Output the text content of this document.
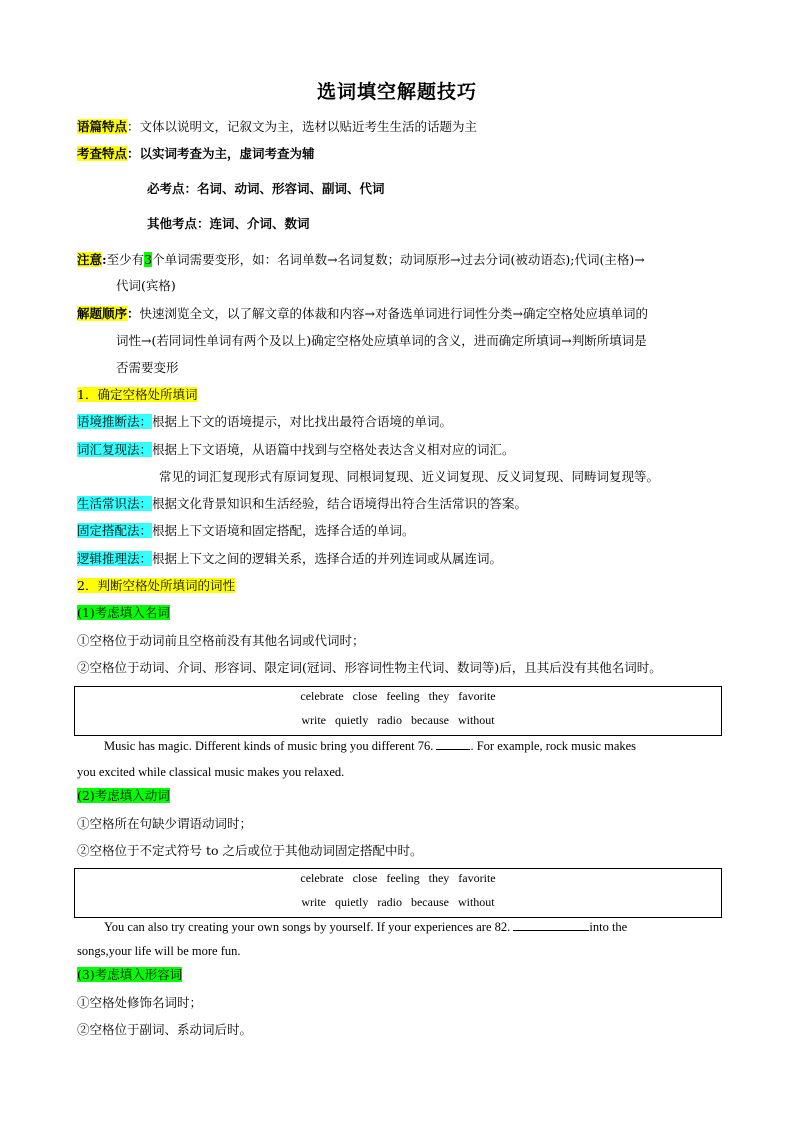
选词填空解题技巧
语篇特点：文体以说明文，记叙文为主，选材以贴近考生生活的话题为主
考查特点：以实词考查为主，虚词考查为辅
必考点：名词、动词、形容词、副词、代词
其他考点：连词、介词、数词
注意:至少有3个单词需要变形，如：名词单数→名词复数；动词原形→过去分词(被动语态);代词(主格)→
代词(宾格)
解题顺序：快速浏览全文，以了解文章的体裁和内容→对备选单词进行词性分类→确定空格处应填单词的
词性→(若同词性单词有两个及以上)确定空格处应填单词的含义，进而确定所填词→判断所填词是
否需要变形
1．确定空格处所填词
语境推断法：根据上下文的语境提示，对比找出最符合语境的单词。
词汇复现法：根据上下文语境，从语篇中找到与空格处表达含义相对应的词汇。
常见的词汇复现形式有原词复现、同根词复现、近义词复现、反义词复现、同畴词复现等。
生活常识法：根据文化背景知识和生活经验，结合语境得出符合生活常识的答案。
固定搭配法：根据上下文语境和固定搭配，选择合适的单词。
逻辑推理法：根据上下文之间的逻辑关系，选择合适的并列连词或从属连词。
2．判断空格处所填词的词性
(1)考虑填入名词
①空格位于动词前且空格前没有其他名词或代词时；
②空格位于动词、介词、形容词、限定词(冠词、形容词性物主代词、数词等)后，且其后没有其他名词时。
celebrate close feeling they favorite
write quietly radio because without
Music has magic. Different kinds of music bring you different 76.	. For example, rock music makes
you excited while classical music makes you relaxed.
(2)考虑填入动词
①空格所在句缺少谓语动词时；
②空格位于不定式符号 to 之后或位于其他动词固定搭配中时。
celebrate close feeling they favorite
write quietly radio because without
You can also try creating your own songs by yourself. If your experiences are 82.	into the
songs,your life will be more fun.
(3)考虑填入形容词
①空格处修饰名词时；
②空格位于副词、系动词后时。
